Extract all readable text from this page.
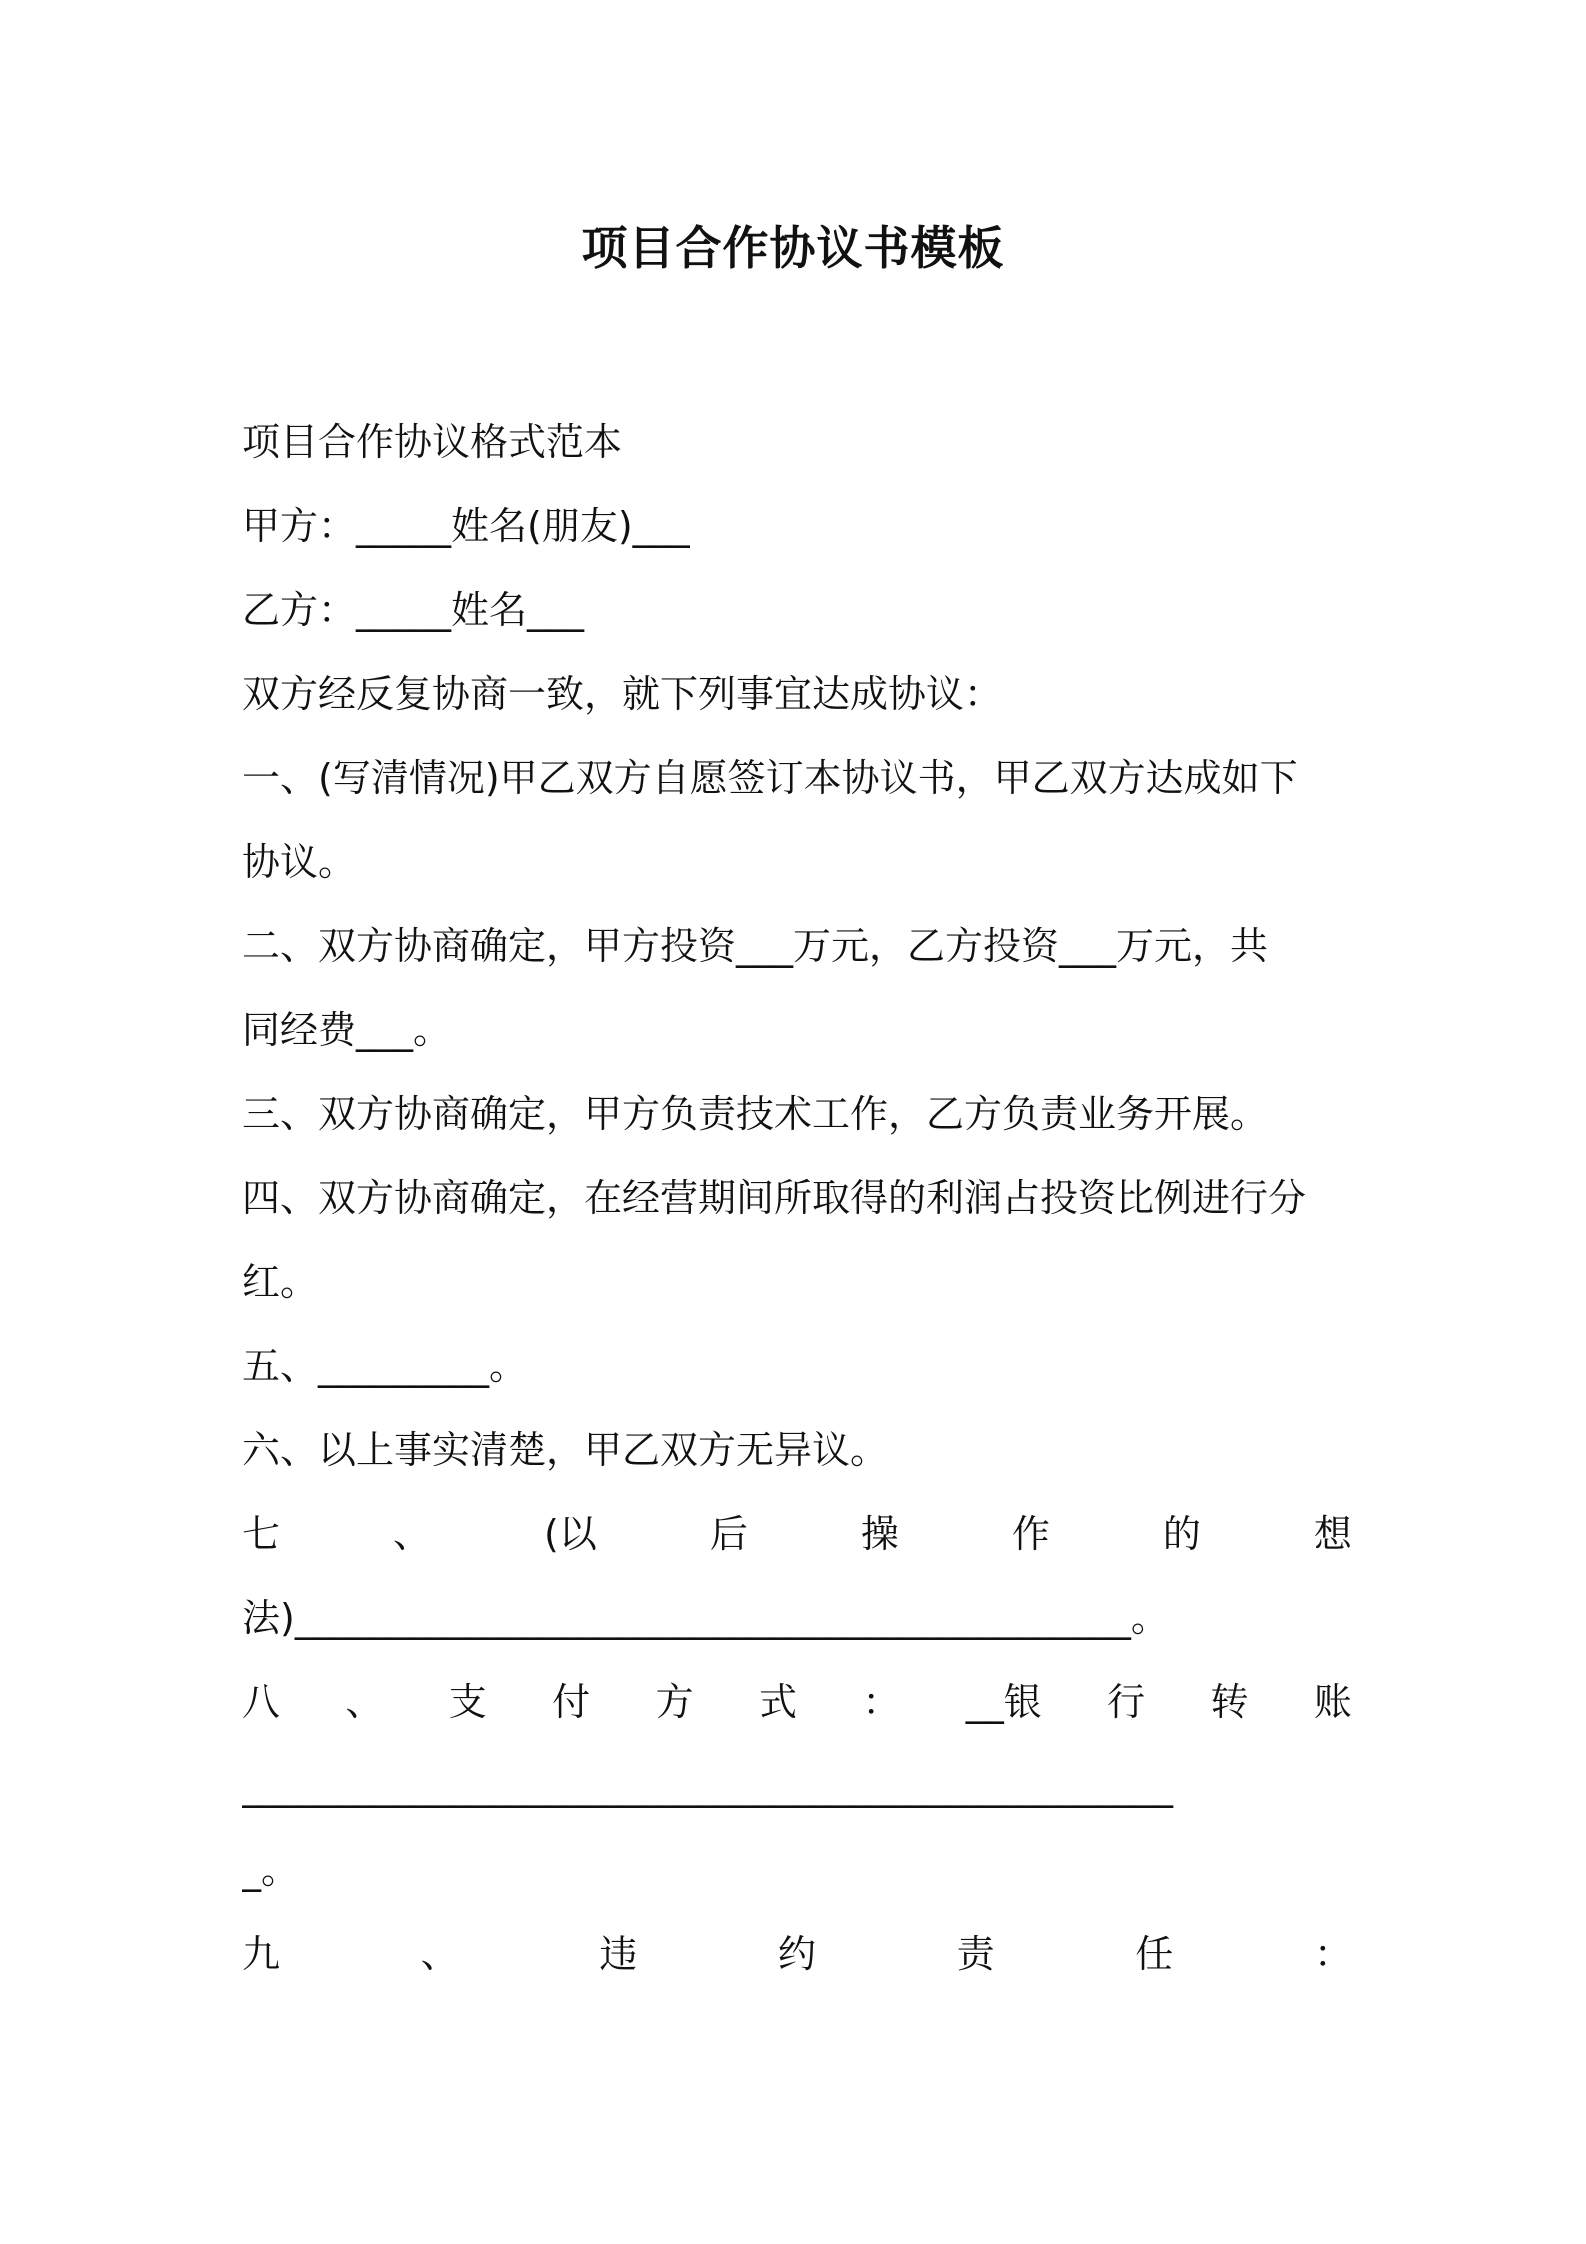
项目合作协议书模板
项目合作协议格式范本
甲方：_____姓名(朋友)___
乙方：_____姓名___
双方经反复协商一致，就下列事宜达成协议：
一、(写清情况)甲乙双方自愿签订本协议书，甲乙双方达成如下
协议。
二、双方协商确定，甲方投资___万元，乙方投资___万元，共
同经费___。
三、双方协商确定，甲方负责技术工作，乙方负责业务开展。
四、双方协商确定，在经营期间所取得的利润占投资比例进行分
红。
五、_________。
六、以上事实清楚，甲乙双方无异议。
七	、	(以	后	操	作	的	想
法)____________________________________________。
八 、 支 付 方 式 ： __银 行 转 账
_________________________________________________
_。
九	、	违	约	责	任	：
